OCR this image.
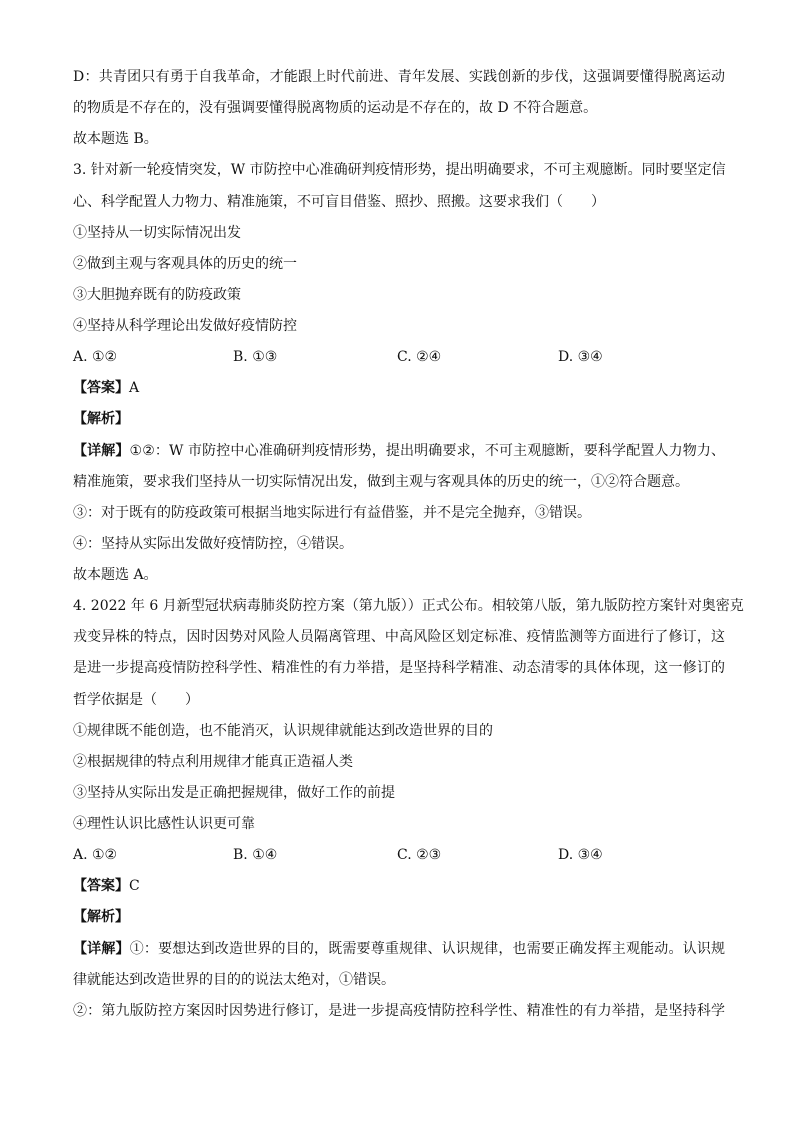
D：共青团只有勇于自我革命，才能跟上时代前进、青年发展、实践创新的步伐，这强调要懂得脱离运动
的物质是不存在的，没有强调要懂得脱离物质的运动是不存在的，故 D 不符合题意。
故本题选 B。
3. 针对新一轮疫情突发，W 市防控中心准确研判疫情形势，提出明确要求，不可主观臆断。同时要坚定信
心、科学配置人力物力、精准施策，不可盲目借鉴、照抄、照搬。这要求我们（　　）
①坚持从一切实际情况出发
②做到主观与客观具体的历史的统一
③大胆抛弃既有的防疫政策
④坚持从科学理论出发做好疫情防控
A. ①②	B. ①③	C. ②④	D. ③④
【答案】A
【解析】
【详解】①②：W 市防控中心准确研判疫情形势，提出明确要求，不可主观臆断，要科学配置人力物力、
精准施策，要求我们坚持从一切实际情况出发，做到主观与客观具体的历史的统一，①②符合题意。
③：对于既有的防疫政策可根据当地实际进行有益借鉴，并不是完全抛弃，③错误。
④：坚持从实际出发做好疫情防控，④错误。
故本题选 A。
4. 2022 年 6 月新型冠状病毒肺炎防控方案（第九版））正式公布。相较第八版，第九版防控方案针对奥密克
戎变异株的特点，因时因势对风险人员隔离管理、中高风险区划定标准、疫情监测等方面进行了修订，这
是进一步提高疫情防控科学性、精准性的有力举措，是坚持科学精准、动态清零的具体体现，这一修订的
哲学依据是（　　）
①规律既不能创造，也不能消灭，认识规律就能达到改造世界的目的
②根据规律的特点利用规律才能真正造福人类
③坚持从实际出发是正确把握规律，做好工作的前提
④理性认识比感性认识更可靠
A. ①②	B. ①④	C. ②③	D. ③④
【答案】C
【解析】
【详解】①：要想达到改造世界的目的，既需要尊重规律、认识规律，也需要正确发挥主观能动。认识规
律就能达到改造世界的目的的说法太绝对，①错误。
②：第九版防控方案因时因势进行修订，是进一步提高疫情防控科学性、精准性的有力举措，是坚持科学
